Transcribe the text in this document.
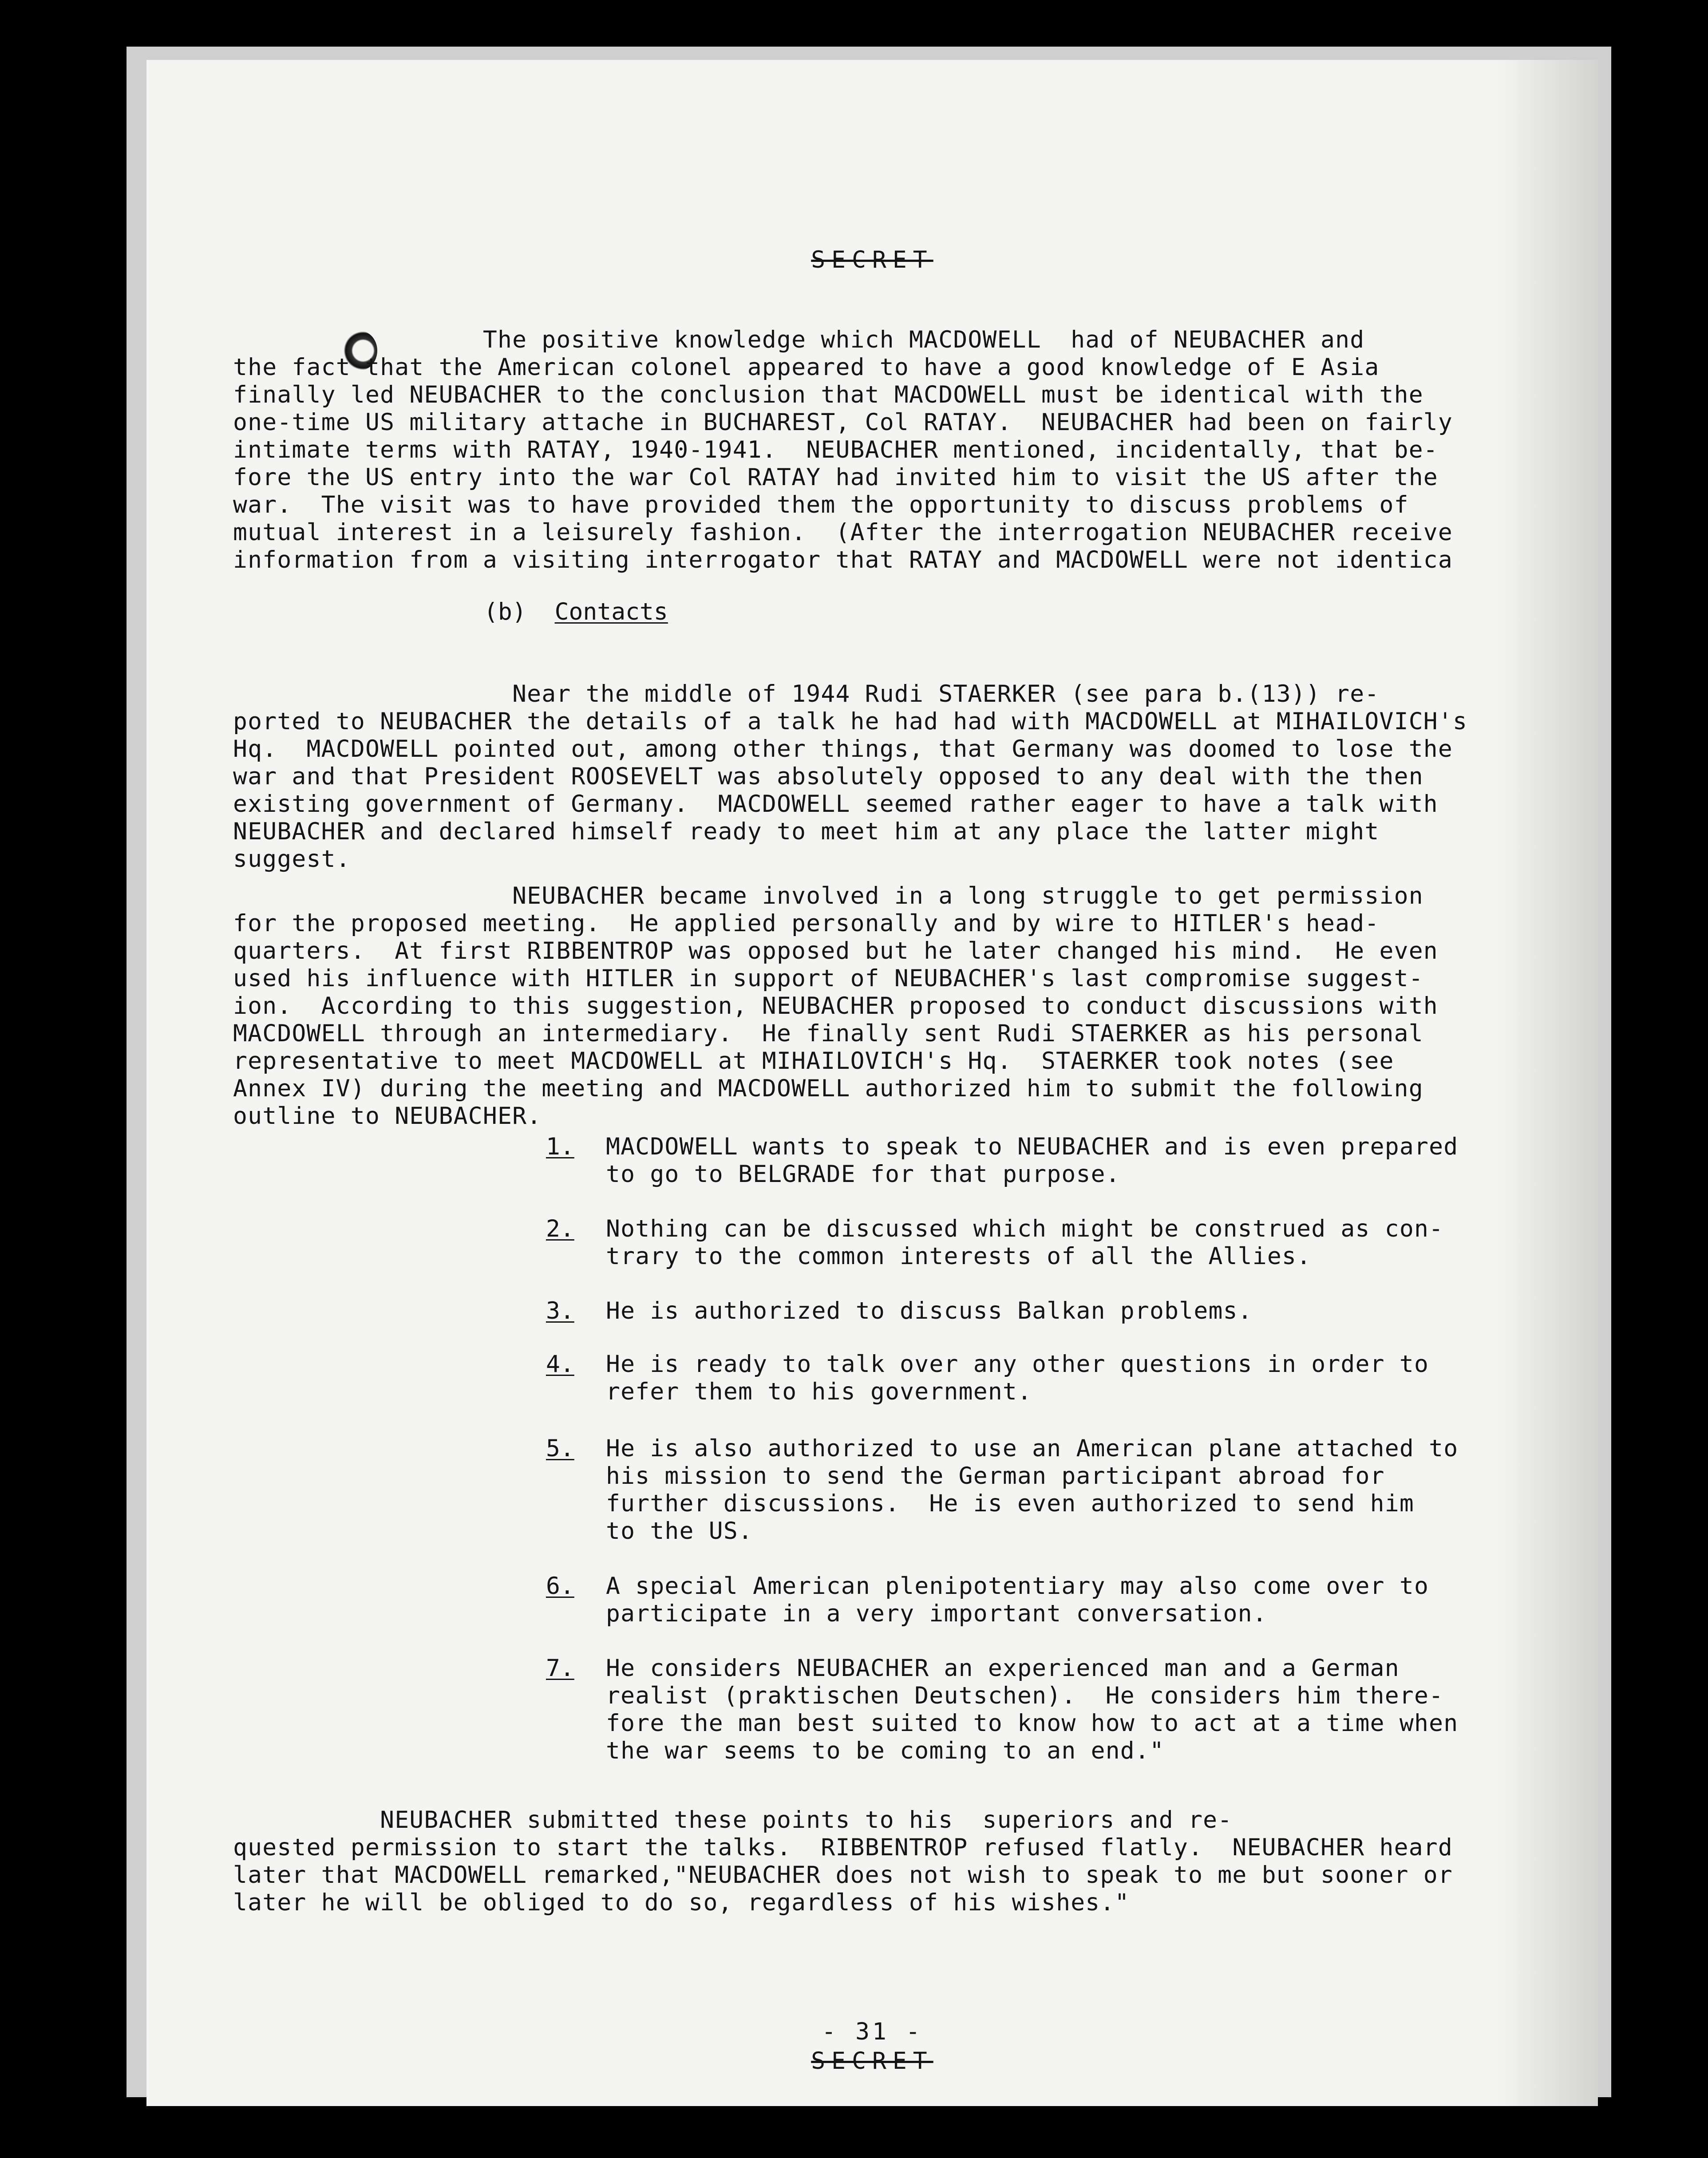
SECRET
The positive knowledge which MACDOWELL  had of NEUBACHER and
the fact that the American colonel appeared to have a good knowledge of E Asia
finally led NEUBACHER to the conclusion that MACDOWELL must be identical with the
one-time US military attache in BUCHAREST, Col RATAY.  NEUBACHER had been on fairly
intimate terms with RATAY, 1940-1941.  NEUBACHER mentioned, incidentally, that be-
fore the US entry into the war Col RATAY had invited him to visit the US after the
war.  The visit was to have provided them the opportunity to discuss problems of
mutual interest in a leisurely fashion.  (After the interrogation NEUBACHER receive
information from a visiting interrogator that RATAY and MACDOWELL were not identica
(b) Contacts
Near the middle of 1944 Rudi STAERKER (see para b.(13)) re-
ported to NEUBACHER the details of a talk he had had with MACDOWELL at MIHAILOVICH's
Hq.  MACDOWELL pointed out, among other things, that Germany was doomed to lose the
war and that President ROOSEVELT was absolutely opposed to any deal with the then
existing government of Germany.  MACDOWELL seemed rather eager to have a talk with
NEUBACHER and declared himself ready to meet him at any place the latter might
suggest.
NEUBACHER became involved in a long struggle to get permission
for the proposed meeting.  He applied personally and by wire to HITLER's head-
quarters.  At first RIBBENTROP was opposed but he later changed his mind.  He even
used his influence with HITLER in support of NEUBACHER's last compromise suggest-
ion.  According to this suggestion, NEUBACHER proposed to conduct discussions with
MACDOWELL through an intermediary.  He finally sent Rudi STAERKER as his personal
representative to meet MACDOWELL at MIHAILOVICH's Hq.  STAERKER took notes (see
Annex IV) during the meeting and MACDOWELL authorized him to submit the following
outline to NEUBACHER.
1.	MACDOWELL wants to speak to NEUBACHER and is even prepared
to go to BELGRADE for that purpose.
2.	Nothing can be discussed which might be construed as con-
trary to the common interests of all the Allies.
3.	He is authorized to discuss Balkan problems.
4.	He is ready to talk over any other questions in order to
refer them to his government.
5.	He is also authorized to use an American plane attached to
his mission to send the German participant abroad for
further discussions.  He is even authorized to send him
to the US.
6.	A special American plenipotentiary may also come over to
participate in a very important conversation.
7.	He considers NEUBACHER an experienced man and a German
realist (praktischen Deutschen).  He considers him there-
fore the man best suited to know how to act at a time when
the war seems to be coming to an end."
NEUBACHER submitted these points to his  superiors and re-
quested permission to start the talks.  RIBBENTROP refused flatly.  NEUBACHER heard
later that MACDOWELL remarked,"NEUBACHER does not wish to speak to me but sooner or
later he will be obliged to do so, regardless of his wishes."
- 31 -
SECRET
